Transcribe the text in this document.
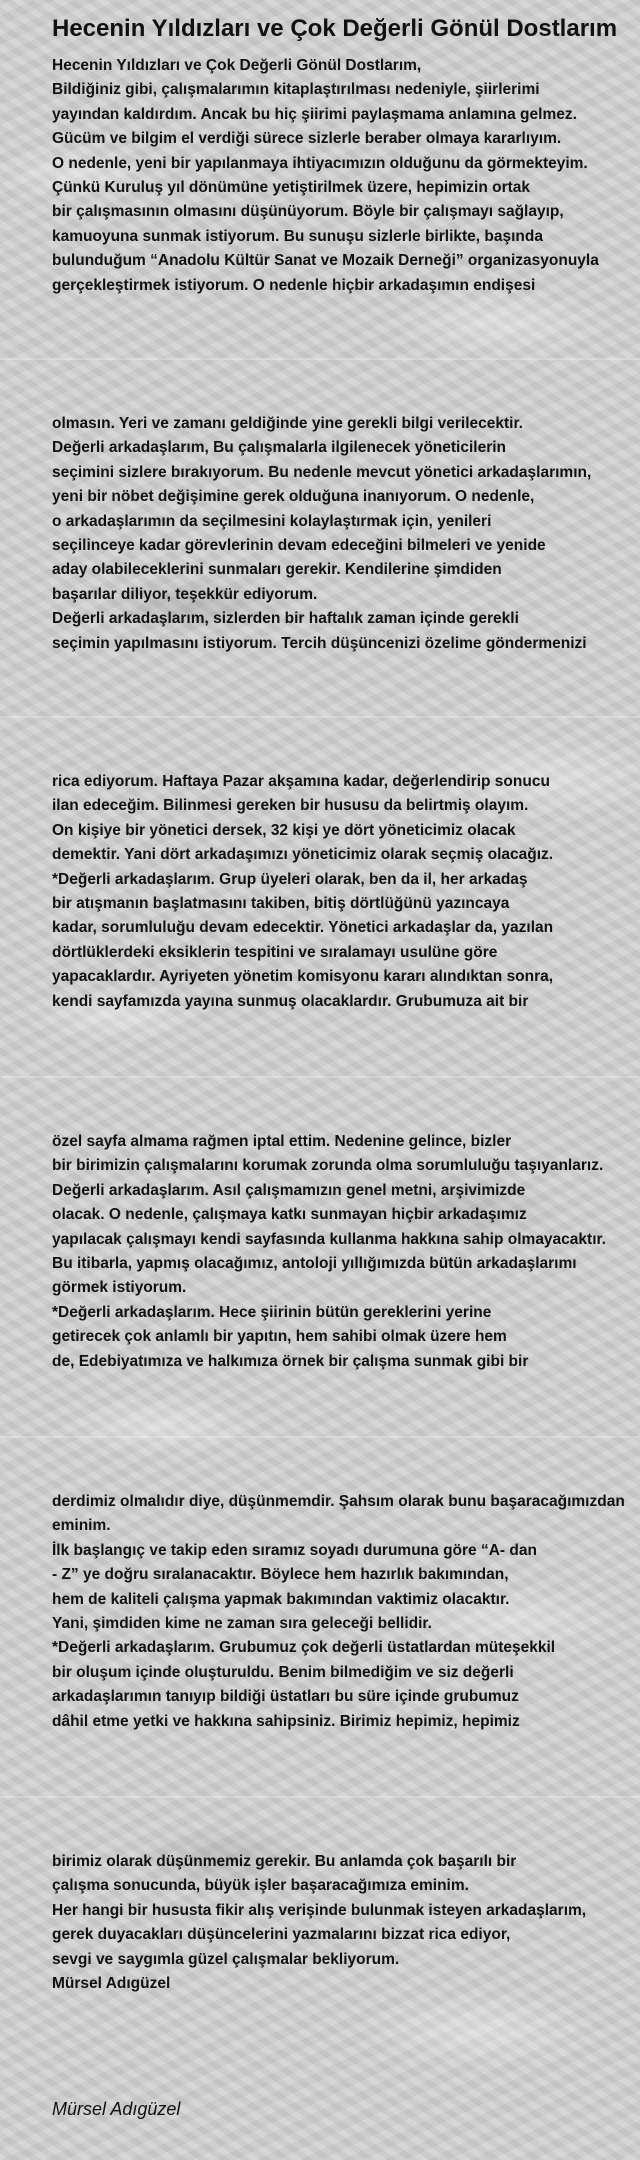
Hecenin Yıldızları ve Çok Değerli Gönül Dostlarım
Hecenin Yıldızları ve Çok Değerli Gönül Dostlarım,
Bildiğiniz gibi, çalışmalarımın kitaplaştırılması nedeniyle, şiirlerimi
yayından kaldırdım. Ancak bu hiç şiirimi paylaşmama anlamına gelmez.
Gücüm ve bilgim el verdiği sürece sizlerle beraber olmaya kararlıyım.
O nedenle, yeni bir yapılanmaya ihtiyacımızın olduğunu da görmekteyim.
Çünkü Kuruluş yıl dönümüne yetiştirilmek üzere, hepimizin ortak
bir çalışmasının olmasını düşünüyorum. Böyle bir çalışmayı sağlayıp,
kamuoyuna sunmak istiyorum. Bu sunuşu sizlerle birlikte, başında
bulunduğum “Anadolu Kültür Sanat ve Mozaik Derneği” organizasyonuyla
gerçekleştirmek istiyorum. O nedenle hiçbir arkadaşımın endişesi
olmasın. Yeri ve zamanı geldiğinde yine gerekli bilgi verilecektir.
Değerli arkadaşlarım, Bu çalışmalarla ilgilenecek yöneticilerin
seçimini sizlere bırakıyorum. Bu nedenle mevcut yönetici arkadaşlarımın,
yeni bir nöbet değişimine gerek olduğuna inanıyorum. O nedenle,
o arkadaşlarımın da seçilmesini kolaylaştırmak için, yenileri
seçilinceye kadar görevlerinin devam edeceğini bilmeleri ve yenide
aday olabileceklerini sunmaları gerekir. Kendilerine şimdiden
başarılar diliyor, teşekkür ediyorum.
Değerli arkadaşlarım, sizlerden bir haftalık zaman içinde gerekli
seçimin yapılmasını istiyorum. Tercih düşüncenizi özelime göndermenizi
rica ediyorum. Haftaya Pazar akşamına kadar, değerlendirip sonucu
ilan edeceğim. Bilinmesi gereken bir hususu da belirtmiş olayım.
On kişiye bir yönetici dersek, 32 kişi ye dört yöneticimiz olacak
demektir. Yani dört arkadaşımızı yöneticimiz olarak seçmiş olacağız.
*Değerli arkadaşlarım. Grup üyeleri olarak, ben da il, her arkadaş
bir atışmanın başlatmasını takiben, bitiş dörtlüğünü yazıncaya
kadar, sorumluluğu devam edecektir. Yönetici arkadaşlar da, yazılan
dörtlüklerdeki eksiklerin tespitini ve sıralamayı usulüne göre
yapacaklardır. Ayriyeten yönetim komisyonu kararı alındıktan sonra,
kendi sayfamızda yayına sunmuş olacaklardır. Grubumuza ait bir
özel sayfa almama rağmen iptal ettim. Nedenine gelince, bizler
bir birimizin çalışmalarını korumak zorunda olma sorumluluğu taşıyanlarız.
Değerli arkadaşlarım. Asıl çalışmamızın genel metni, arşivimizde
olacak. O nedenle, çalışmaya katkı sunmayan hiçbir arkadaşımız
yapılacak çalışmayı kendi sayfasında kullanma hakkına sahip olmayacaktır.
Bu itibarla, yapmış olacağımız, antoloji yıllığımızda bütün arkadaşlarımı
görmek istiyorum.
*Değerli arkadaşlarım. Hece şiirinin bütün gereklerini yerine
getirecek çok anlamlı bir yapıtın, hem sahibi olmak üzere hem
de, Edebiyatımıza ve halkımıza örnek bir çalışma sunmak gibi bir
derdimiz olmalıdır diye, düşünmemdir. Şahsım olarak bunu başaracağımızdan
eminim.
İlk başlangıç ve takip eden sıramız soyadı durumuna göre “A- dan
- Z” ye doğru sıralanacaktır. Böylece hem hazırlık bakımından,
hem de kaliteli çalışma yapmak bakımından vaktimiz olacaktır.
Yani, şimdiden kime ne zaman sıra geleceği bellidir.
*Değerli arkadaşlarım. Grubumuz çok değerli üstatlardan müteşekkil
bir oluşum içinde oluşturuldu. Benim bilmediğim ve siz değerli
arkadaşlarımın tanıyıp bildiği üstatları bu süre içinde grubumuz
dâhil etme yetki ve hakkına sahipsiniz. Birimiz hepimiz, hepimiz
birimiz olarak düşünmemiz gerekir. Bu anlamda çok başarılı bir
çalışma sonucunda, büyük işler başaracağımıza eminim.
Her hangi bir hususta fikir alış verişinde bulunmak isteyen arkadaşlarım,
gerek duyacakları düşüncelerini yazmalarını bizzat rica ediyor,
sevgi ve saygımla güzel çalışmalar bekliyorum.
Mürsel Adıgüzel

Mürsel Adıgüzel
